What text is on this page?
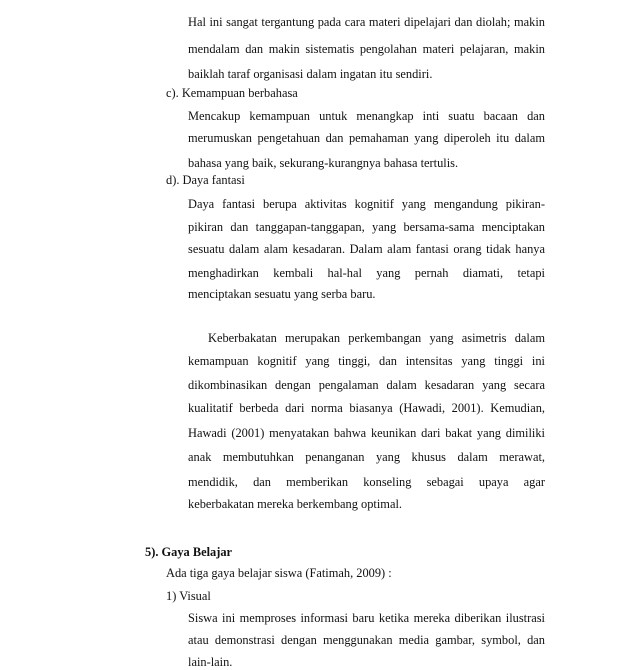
Hal ini sangat tergantung pada cara materi dipelajari dan diolah; makin
mendalam dan makin sistematis pengolahan materi pelajaran, makin
baiklah taraf organisasi dalam ingatan itu sendiri.
c). Kemampuan berbahasa
Mencakup kemampuan untuk menangkap inti suatu bacaan dan
merumuskan pengetahuan dan pemahaman yang diperoleh itu dalam
bahasa yang baik, sekurang-kurangnya bahasa tertulis.
d). Daya fantasi
Daya fantasi berupa aktivitas kognitif yang mengandung pikiran-
pikiran dan tanggapan-tanggapan, yang bersama-sama menciptakan
sesuatu dalam alam kesadaran. Dalam alam fantasi orang tidak hanya
menghadirkan kembali hal-hal yang pernah diamati, tetapi
menciptakan sesuatu yang serba baru.
Keberbakatan merupakan perkembangan yang asimetris dalam
kemampuan kognitif yang tinggi, dan intensitas yang tinggi ini
dikombinasikan dengan pengalaman dalam kesadaran yang secara
kualitatif berbeda dari norma biasanya (Hawadi, 2001). Kemudian,
Hawadi (2001) menyatakan bahwa keunikan dari bakat yang dimiliki
anak membutuhkan penanganan yang khusus dalam merawat,
mendidik, dan memberikan konseling sebagai upaya agar
keberbakatan mereka berkembang optimal.
5). Gaya Belajar
Ada tiga gaya belajar siswa (Fatimah, 2009) :
1) Visual
Siswa ini memproses informasi baru ketika mereka diberikan ilustrasi
atau demonstrasi dengan menggunakan media gambar, symbol, dan
lain-lain.
